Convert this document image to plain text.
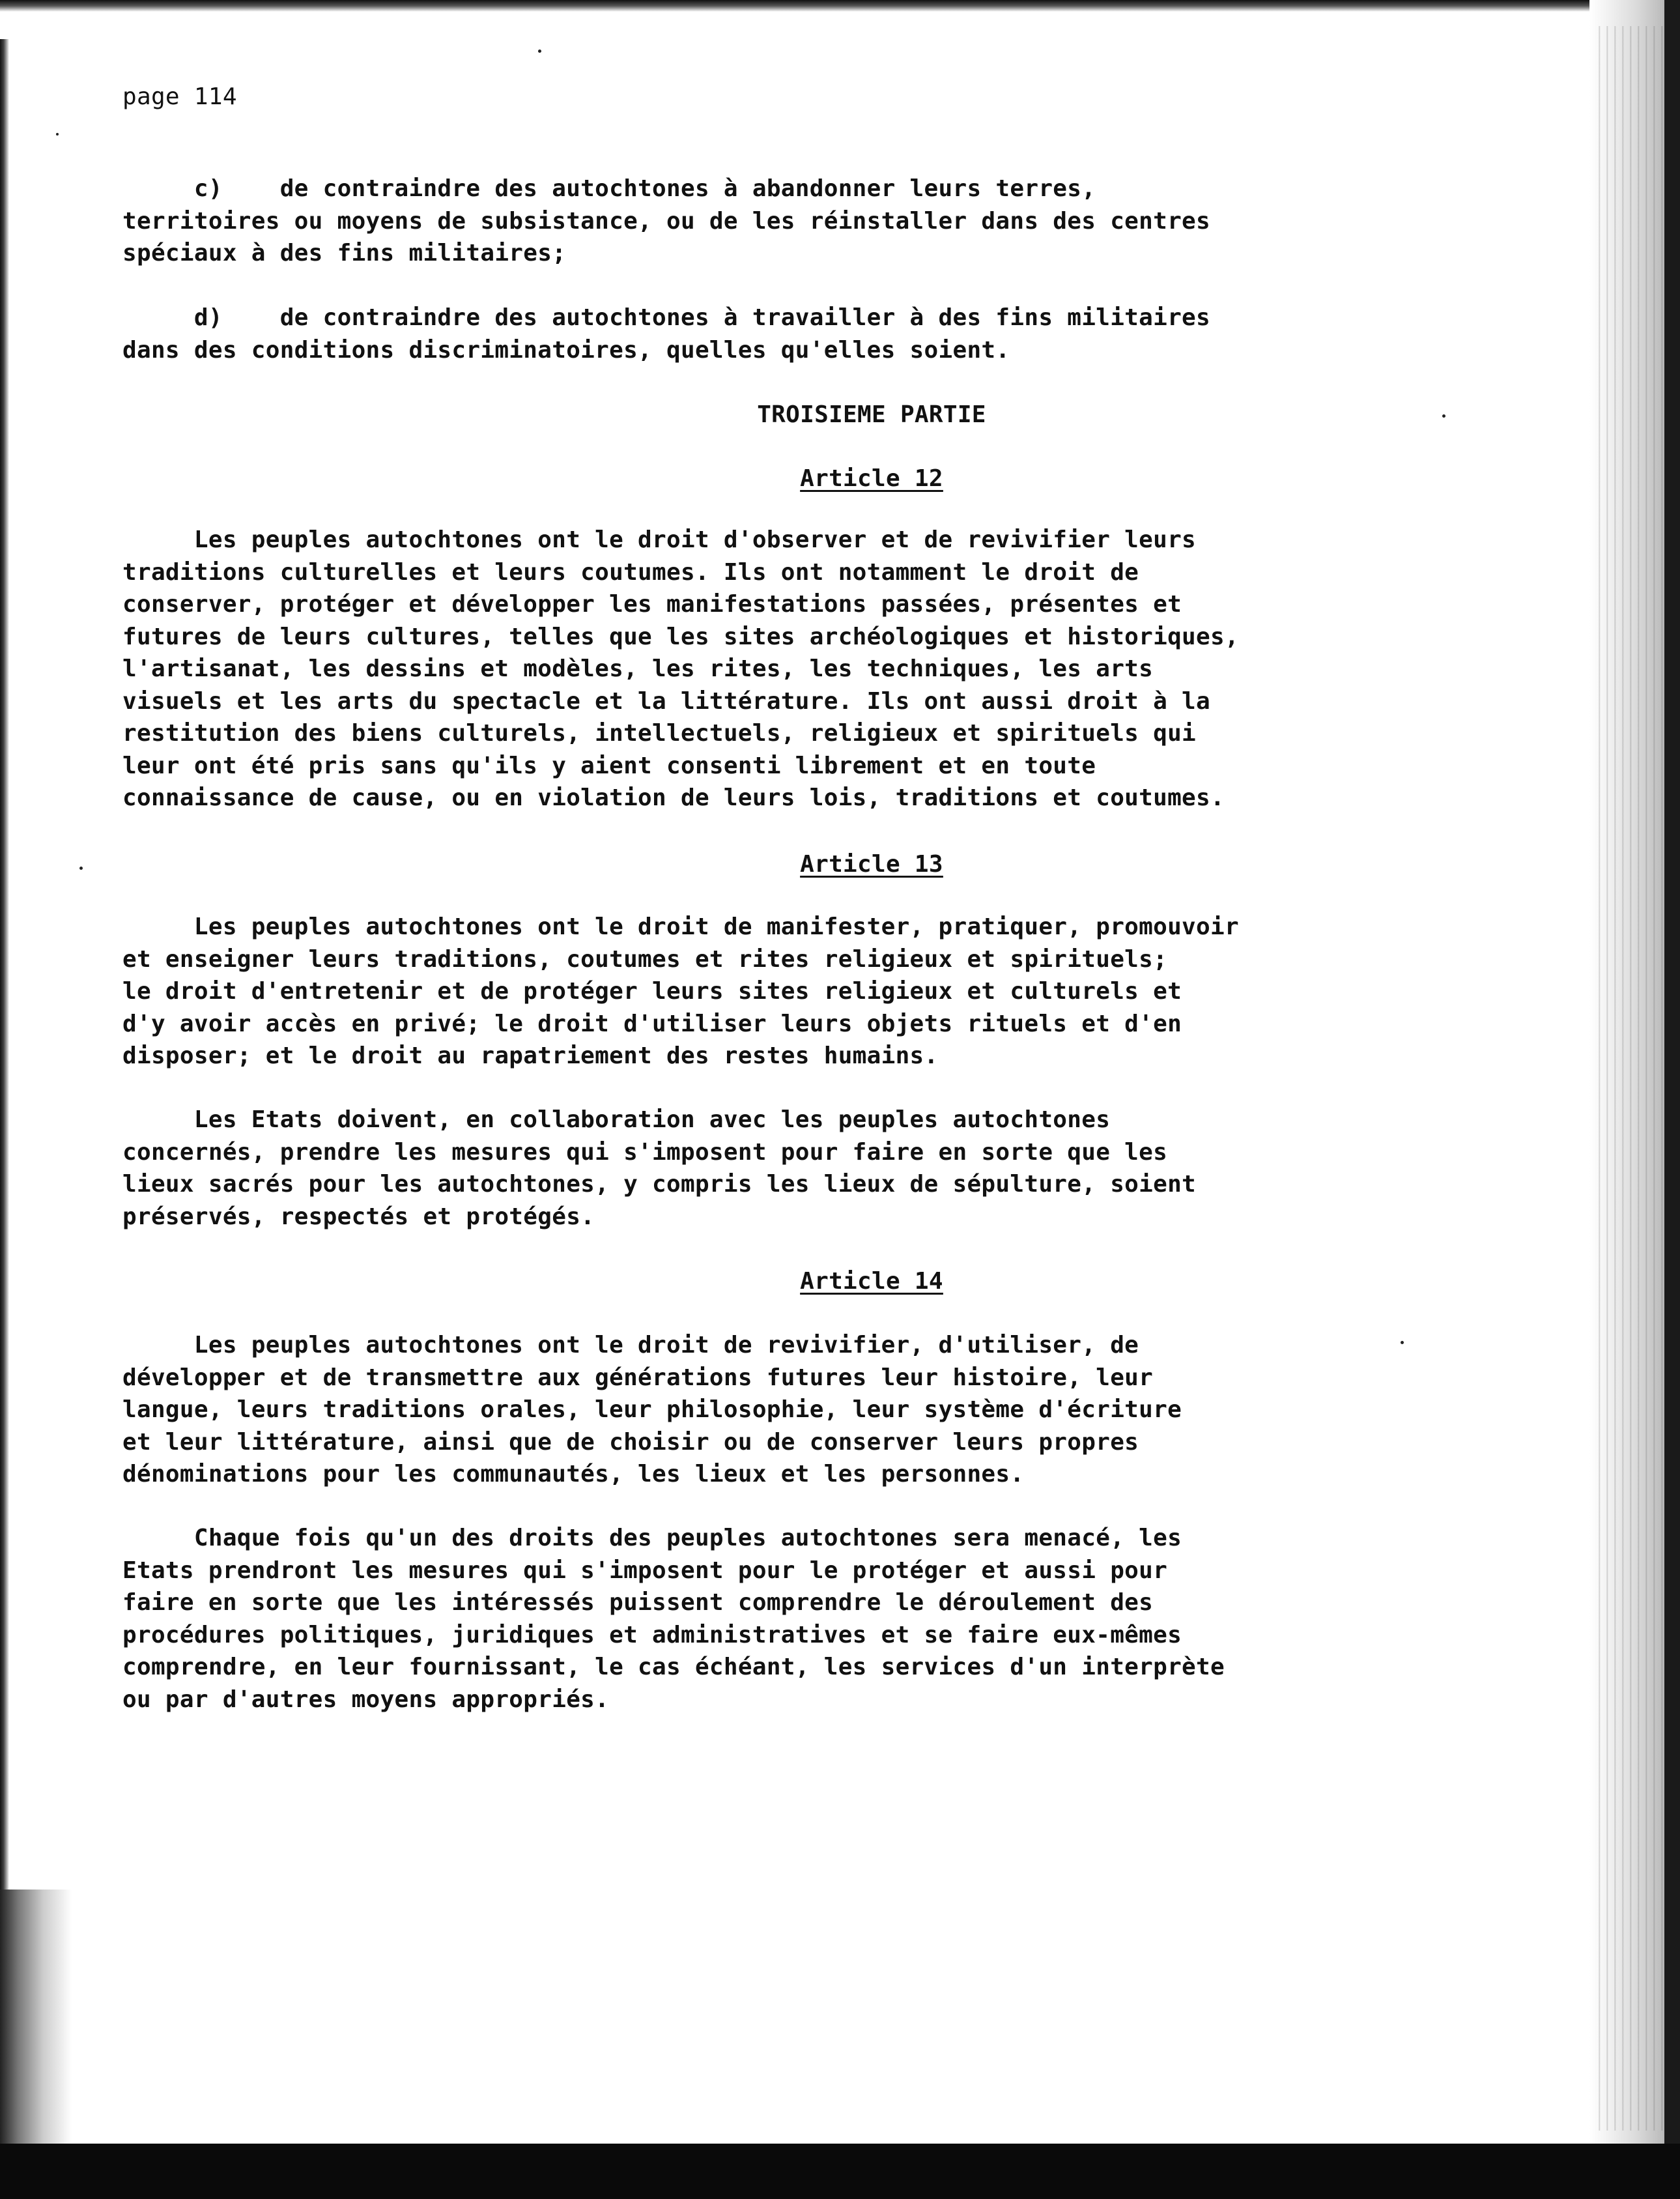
page 114

c)    de contraindre des autochtones à abandonner leurs terres,
territoires ou moyens de subsistance, ou de les réinstaller dans des centres
spéciaux à des fins militaires;

d)    de contraindre des autochtones à travailler à des fins militaires
dans des conditions discriminatoires, quelles qu'elles soient.

TROISIEME PARTIE

Article 12

Les peuples autochtones ont le droit d'observer et de revivifier leurs
traditions culturelles et leurs coutumes. Ils ont notamment le droit de
conserver, protéger et développer les manifestations passées, présentes et
futures de leurs cultures, telles que les sites archéologiques et historiques,
l'artisanat, les dessins et modèles, les rites, les techniques, les arts
visuels et les arts du spectacle et la littérature. Ils ont aussi droit à la
restitution des biens culturels, intellectuels, religieux et spirituels qui
leur ont été pris sans qu'ils y aient consenti librement et en toute
connaissance de cause, ou en violation de leurs lois, traditions et coutumes.

Article 13

Les peuples autochtones ont le droit de manifester, pratiquer, promouvoir
et enseigner leurs traditions, coutumes et rites religieux et spirituels;
le droit d'entretenir et de protéger leurs sites religieux et culturels et
d'y avoir accès en privé; le droit d'utiliser leurs objets rituels et d'en
disposer; et le droit au rapatriement des restes humains.

Les Etats doivent, en collaboration avec les peuples autochtones
concernés, prendre les mesures qui s'imposent pour faire en sorte que les
lieux sacrés pour les autochtones, y compris les lieux de sépulture, soient
préservés, respectés et protégés.

Article 14

Les peuples autochtones ont le droit de revivifier, d'utiliser, de
développer et de transmettre aux générations futures leur histoire, leur
langue, leurs traditions orales, leur philosophie, leur système d'écriture
et leur littérature, ainsi que de choisir ou de conserver leurs propres
dénominations pour les communautés, les lieux et les personnes.

Chaque fois qu'un des droits des peuples autochtones sera menacé, les
Etats prendront les mesures qui s'imposent pour le protéger et aussi pour
faire en sorte que les intéressés puissent comprendre le déroulement des
procédures politiques, juridiques et administratives et se faire eux-mêmes
comprendre, en leur fournissant, le cas échéant, les services d'un interprète
ou par d'autres moyens appropriés.
